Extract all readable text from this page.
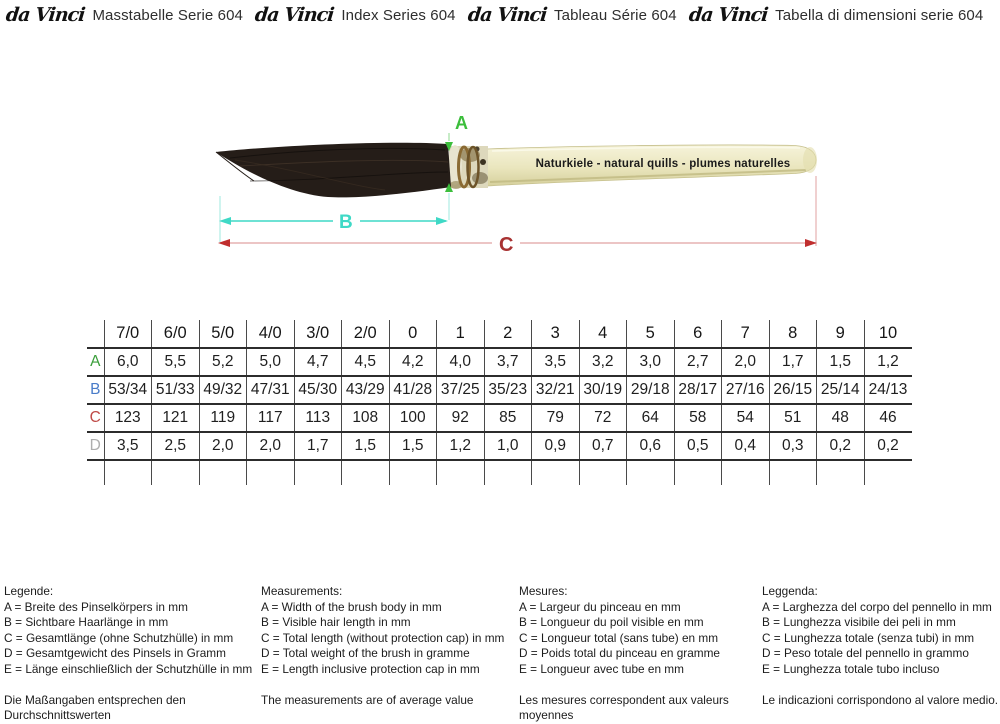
da Vinci Masstabelle Serie 604 da Vinci Index Series 604 da Vinci Tableau Série 604 da Vinci Tabella di dimensioni serie 604
Naturkiele - natural quills - plumes naturelles
A
B
C
	7/0	6/0	5/0	4/0	3/0	2/0	0	1	2	3	4	5	6	7	8	9	10
A	6,0	5,5	5,2	5,0	4,7	4,5	4,2	4,0	3,7	3,5	3,2	3,0	2,7	2,0	1,7	1,5	1,2
B	53/34	51/33	49/32	47/31	45/30	43/29	41/28	37/25	35/23	32/21	30/19	29/18	28/17	27/16	26/15	25/14	24/13
C	123	121	119	117	113	108	100	92	85	79	72	64	58	54	51	48	46
D	3,5	2,5	2,0	2,0	1,7	1,5	1,5	1,2	1,0	0,9	0,7	0,6	0,5	0,4	0,3	0,2	0,2

Legende:
A = Breite des Pinselkörpers in mm
B = Sichtbare Haarlänge in mm
C = Gesamtlänge (ohne Schutzhülle) in mm
D = Gesamtgewicht des Pinsels in Gramm
E = Länge einschließlich der Schutzhülle in mm
Die Maßangaben entsprechen den Durchschnittswerten
Measurements:
A = Width of the brush body in mm
B = Visible hair length in mm
C = Total length (without protection cap) in mm
D = Total weight of the brush in gramme
E = Length inclusive protection cap in mm
The measurements are of average value
Mesures:
A = Largeur du pinceau en mm
B = Longueur du poil visible en mm
C = Longueur total (sans tube) en mm
D = Poids total du pinceau en gramme
E = Longueur avec tube en mm
Les mesures correspondent aux valeurs moyennes
Leggenda:
A = Larghezza del corpo del pennello in mm
B = Lunghezza visibile dei peli in mm
C = Lunghezza totale (senza tubi) in mm
D = Peso totale del pennello in grammo
E = Lunghezza totale tubo incluso
Le indicazioni corrispondono al valore medio.
